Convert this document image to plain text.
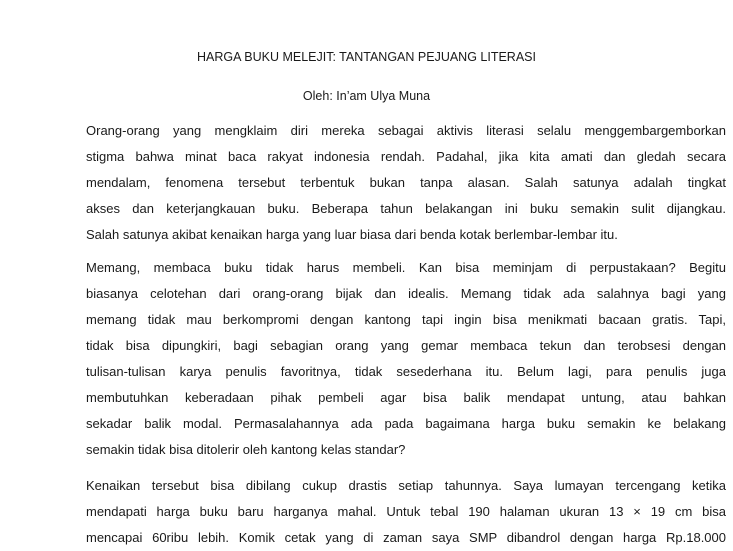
HARGA BUKU MELEJIT: TANTANGAN PEJUANG LITERASI
Oleh: In’am Ulya Muna
Orang-orang yang mengklaim diri mereka sebagai aktivis literasi selalu menggembargemborkan
stigma bahwa minat baca rakyat indonesia rendah. Padahal, jika kita amati dan gledah secara
mendalam, fenomena tersebut terbentuk bukan tanpa alasan. Salah satunya adalah tingkat
akses dan keterjangkauan buku. Beberapa tahun belakangan ini buku semakin sulit dijangkau.
Salah satunya akibat kenaikan harga yang luar biasa dari benda kotak berlembar-lembar itu.
Memang, membaca buku tidak harus membeli. Kan bisa meminjam di perpustakaan? Begitu
biasanya celotehan dari orang-orang bijak dan idealis. Memang tidak ada salahnya bagi yang
memang tidak mau berkompromi dengan kantong tapi ingin bisa menikmati bacaan gratis. Tapi,
tidak bisa dipungkiri, bagi sebagian orang yang gemar membaca tekun dan terobsesi dengan
tulisan-tulisan karya penulis favoritnya, tidak sesederhana itu. Belum lagi, para penulis juga
membutuhkan keberadaan pihak pembeli agar bisa balik mendapat untung, atau bahkan
sekadar balik modal. Permasalahannya ada pada bagaimana harga buku semakin ke belakang
semakin tidak bisa ditolerir oleh kantong kelas standar?
Kenaikan tersebut bisa dibilang cukup drastis setiap tahunnya. Saya lumayan tercengang ketika
mendapati harga buku baru harganya mahal. Untuk tebal 190 halaman ukuran 13 × 19 cm bisa
mencapai 60ribu lebih. Komik cetak yang di zaman saya SMP dibandrol dengan harga Rp.18.000
